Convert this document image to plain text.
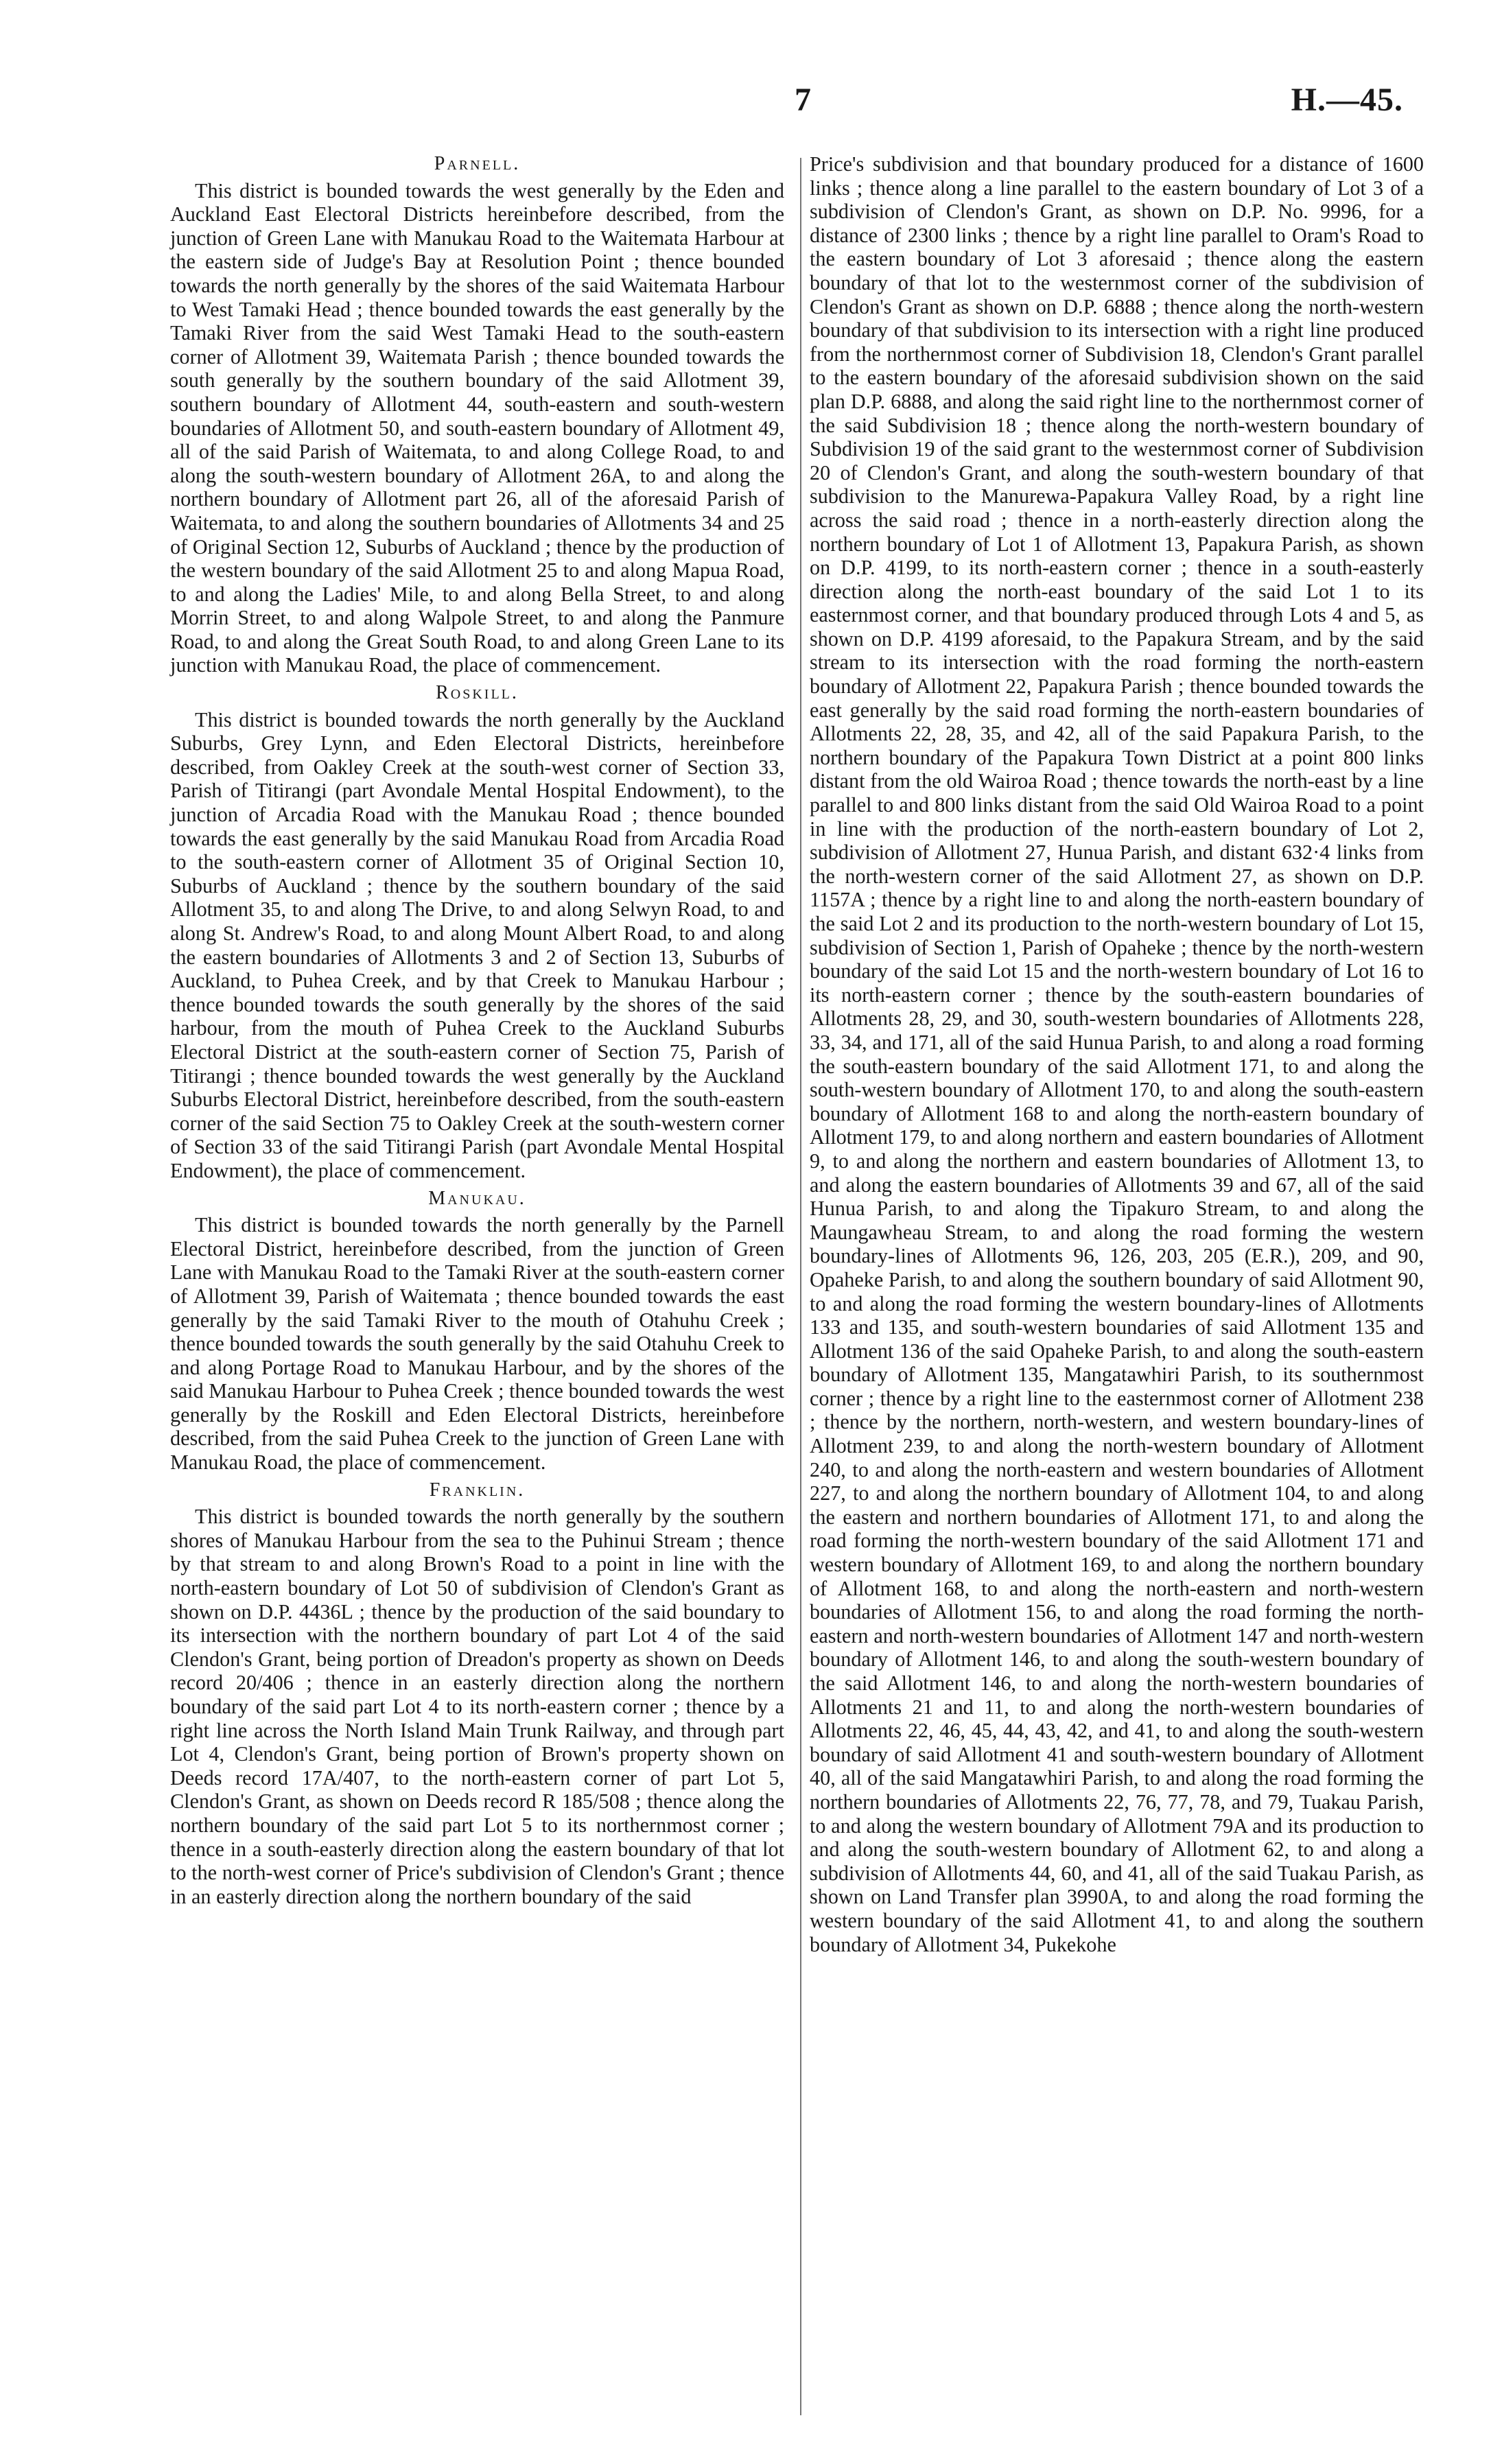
7	H.—45.
Parnell.

This district is bounded towards the west generally by the Eden and Auckland East Electoral Districts hereinbefore described, from the junction of Green Lane with Manukau Road to the Waitemata Harbour at the eastern side of Judge's Bay at Resolution Point ; thence bounded towards the north generally by the shores of the said Waitemata Harbour to West Tamaki Head ; thence bounded towards the east generally by the Tamaki River from the said West Tamaki Head to the south-eastern corner of Allotment 39, Waitemata Parish ; thence bounded towards the south generally by the southern boundary of the said Allotment 39, southern boundary of Allotment 44, south-eastern and south-western boundaries of Allotment 50, and south-eastern boundary of Allotment 49, all of the said Parish of Waitemata, to and along College Road, to and along the south-western boundary of Allotment 26A, to and along the northern boundary of Allotment part 26, all of the aforesaid Parish of Waitemata, to and along the southern boundaries of Allotments 34 and 25 of Original Section 12, Suburbs of Auckland ; thence by the production of the western boundary of the said Allotment 25 to and along Mapua Road, to and along the Ladies' Mile, to and along Bella Street, to and along Morrin Street, to and along Walpole Street, to and along the Panmure Road, to and along the Great South Road, to and along Green Lane to its junction with Manukau Road, the place of commencement.

Roskill.

This district is bounded towards the north generally by the Auckland Suburbs, Grey Lynn, and Eden Electoral Districts, hereinbefore described, from Oakley Creek at the south-west corner of Section 33, Parish of Titirangi (part Avondale Mental Hospital Endowment), to the junction of Arcadia Road with the Manukau Road ; thence bounded towards the east generally by the said Manukau Road from Arcadia Road to the south-eastern corner of Allotment 35 of Original Section 10, Suburbs of Auckland ; thence by the southern boundary of the said Allotment 35, to and along The Drive, to and along Selwyn Road, to and along St. Andrew's Road, to and along Mount Albert Road, to and along the eastern boundaries of Allotments 3 and 2 of Section 13, Suburbs of Auckland, to Puhea Creek, and by that Creek to Manukau Harbour ; thence bounded towards the south generally by the shores of the said harbour, from the mouth of Puhea Creek to the Auckland Suburbs Electoral District at the south-eastern corner of Section 75, Parish of Titirangi ; thence bounded towards the west generally by the Auckland Suburbs Electoral District, hereinbefore described, from the south-eastern corner of the said Section 75 to Oakley Creek at the south-western corner of Section 33 of the said Titirangi Parish (part Avondale Mental Hospital Endowment), the place of commencement.

Manukau.

This district is bounded towards the north generally by the Parnell Electoral District, hereinbefore described, from the junction of Green Lane with Manukau Road to the Tamaki River at the south-eastern corner of Allotment 39, Parish of Waitemata ; thence bounded towards the east generally by the said Tamaki River to the mouth of Otahuhu Creek ; thence bounded towards the south generally by the said Otahuhu Creek to and along Portage Road to Manukau Harbour, and by the shores of the said Manukau Harbour to Puhea Creek ; thence bounded towards the west generally by the Roskill and Eden Electoral Districts, hereinbefore described, from the said Puhea Creek to the junction of Green Lane with Manukau Road, the place of commencement.

Franklin.

This district is bounded towards the north generally by the southern shores of Manukau Harbour from the sea to the Puhinui Stream ; thence by that stream to and along Brown's Road to a point in line with the north-eastern boundary of Lot 50 of subdivision of Clendon's Grant as shown on D.P. 4436L ; thence by the production of the said boundary to its intersection with the northern boundary of part Lot 4 of the said Clendon's Grant, being portion of Dreadon's property as shown on Deeds record 20/406 ; thence in an easterly direction along the northern boundary of the said part Lot 4 to its north-eastern corner ; thence by a right line across the North Island Main Trunk Railway, and through part Lot 4, Clendon's Grant, being portion of Brown's property shown on Deeds record 17A/407, to the north-eastern corner of part Lot 5, Clendon's Grant, as shown on Deeds record R 185/508 ; thence along the northern boundary of the said part Lot 5 to its northernmost corner ; thence in a south-easterly direction along the eastern boundary of that lot to the north-west corner of Price's subdivision of Clendon's Grant ; thence in an easterly direction along the northern boundary of the said

Price's subdivision and that boundary produced for a distance of 1600 links ; thence along a line parallel to the eastern boundary of Lot 3 of a subdivision of Clendon's Grant, as shown on D.P. No. 9996, for a distance of 2300 links ; thence by a right line parallel to Oram's Road to the eastern boundary of Lot 3 aforesaid ; thence along the eastern boundary of that lot to the westernmost corner of the subdivision of Clendon's Grant as shown on D.P. 6888 ; thence along the north-western boundary of that subdivision to its intersection with a right line produced from the northernmost corner of Subdivision 18, Clendon's Grant parallel to the eastern boundary of the aforesaid subdivision shown on the said plan D.P. 6888, and along the said right line to the northernmost corner of the said Subdivision 18 ; thence along the north-western boundary of Subdivision 19 of the said grant to the westernmost corner of Subdivision 20 of Clendon's Grant, and along the south-western boundary of that subdivision to the Manurewa-Papakura Valley Road, by a right line across the said road ; thence in a north-easterly direction along the northern boundary of Lot 1 of Allotment 13, Papakura Parish, as shown on D.P. 4199, to its north-eastern corner ; thence in a south-easterly direction along the north-east boundary of the said Lot 1 to its easternmost corner, and that boundary produced through Lots 4 and 5, as shown on D.P. 4199 aforesaid, to the Papakura Stream, and by the said stream to its intersection with the road forming the north-eastern boundary of Allotment 22, Papakura Parish ; thence bounded towards the east generally by the said road forming the north-eastern boundaries of Allotments 22, 28, 35, and 42, all of the said Papakura Parish, to the northern boundary of the Papakura Town District at a point 800 links distant from the old Wairoa Road ; thence towards the north-east by a line parallel to and 800 links distant from the said Old Wairoa Road to a point in line with the production of the north-eastern boundary of Lot 2, subdivision of Allotment 27, Hunua Parish, and distant 632·4 links from the north-western corner of the said Allotment 27, as shown on D.P. 1157A ; thence by a right line to and along the north-eastern boundary of the said Lot 2 and its production to the north-western boundary of Lot 15, subdivision of Section 1, Parish of Opaheke ; thence by the north-western boundary of the said Lot 15 and the north-western boundary of Lot 16 to its north-eastern corner ; thence by the south-eastern boundaries of Allotments 28, 29, and 30, south-western boundaries of Allotments 228, 33, 34, and 171, all of the said Hunua Parish, to and along a road forming the south-eastern boundary of the said Allotment 171, to and along the south-western boundary of Allotment 170, to and along the south-eastern boundary of Allotment 168 to and along the north-eastern boundary of Allotment 179, to and along northern and eastern boundaries of Allotment 9, to and along the northern and eastern boundaries of Allotment 13, to and along the eastern boundaries of Allotments 39 and 67, all of the said Hunua Parish, to and along the Tipakuro Stream, to and along the Maungawheau Stream, to and along the road forming the western boundary-lines of Allotments 96, 126, 203, 205 (E.R.), 209, and 90, Opaheke Parish, to and along the southern boundary of said Allotment 90, to and along the road forming the western boundary-lines of Allotments 133 and 135, and south-western boundaries of said Allotment 135 and Allotment 136 of the said Opaheke Parish, to and along the south-eastern boundary of Allotment 135, Mangatawhiri Parish, to its southernmost corner ; thence by a right line to the easternmost corner of Allotment 238 ; thence by the northern, north-western, and western boundary-lines of Allotment 239, to and along the north-western boundary of Allotment 240, to and along the north-eastern and western boundaries of Allotment 227, to and along the northern boundary of Allotment 104, to and along the eastern and northern boundaries of Allotment 171, to and along the road forming the north-western boundary of the said Allotment 171 and western boundary of Allotment 169, to and along the northern boundary of Allotment 168, to and along the north-eastern and north-western boundaries of Allotment 156, to and along the road forming the north-eastern and north-western boundaries of Allotment 147 and north-western boundary of Allotment 146, to and along the south-western boundary of the said Allotment 146, to and along the north-western boundaries of Allotments 21 and 11, to and along the north-western boundaries of Allotments 22, 46, 45, 44, 43, 42, and 41, to and along the south-western boundary of said Allotment 41 and south-western boundary of Allotment 40, all of the said Mangatawhiri Parish, to and along the road forming the northern boundaries of Allotments 22, 76, 77, 78, and 79, Tuakau Parish, to and along the western boundary of Allotment 79A and its production to and along the south-western boundary of Allotment 62, to and along a subdivision of Allotments 44, 60, and 41, all of the said Tuakau Parish, as shown on Land Transfer plan 3990A, to and along the road forming the western boundary of the said Allotment 41, to and along the southern boundary of Allotment 34, Pukekohe
